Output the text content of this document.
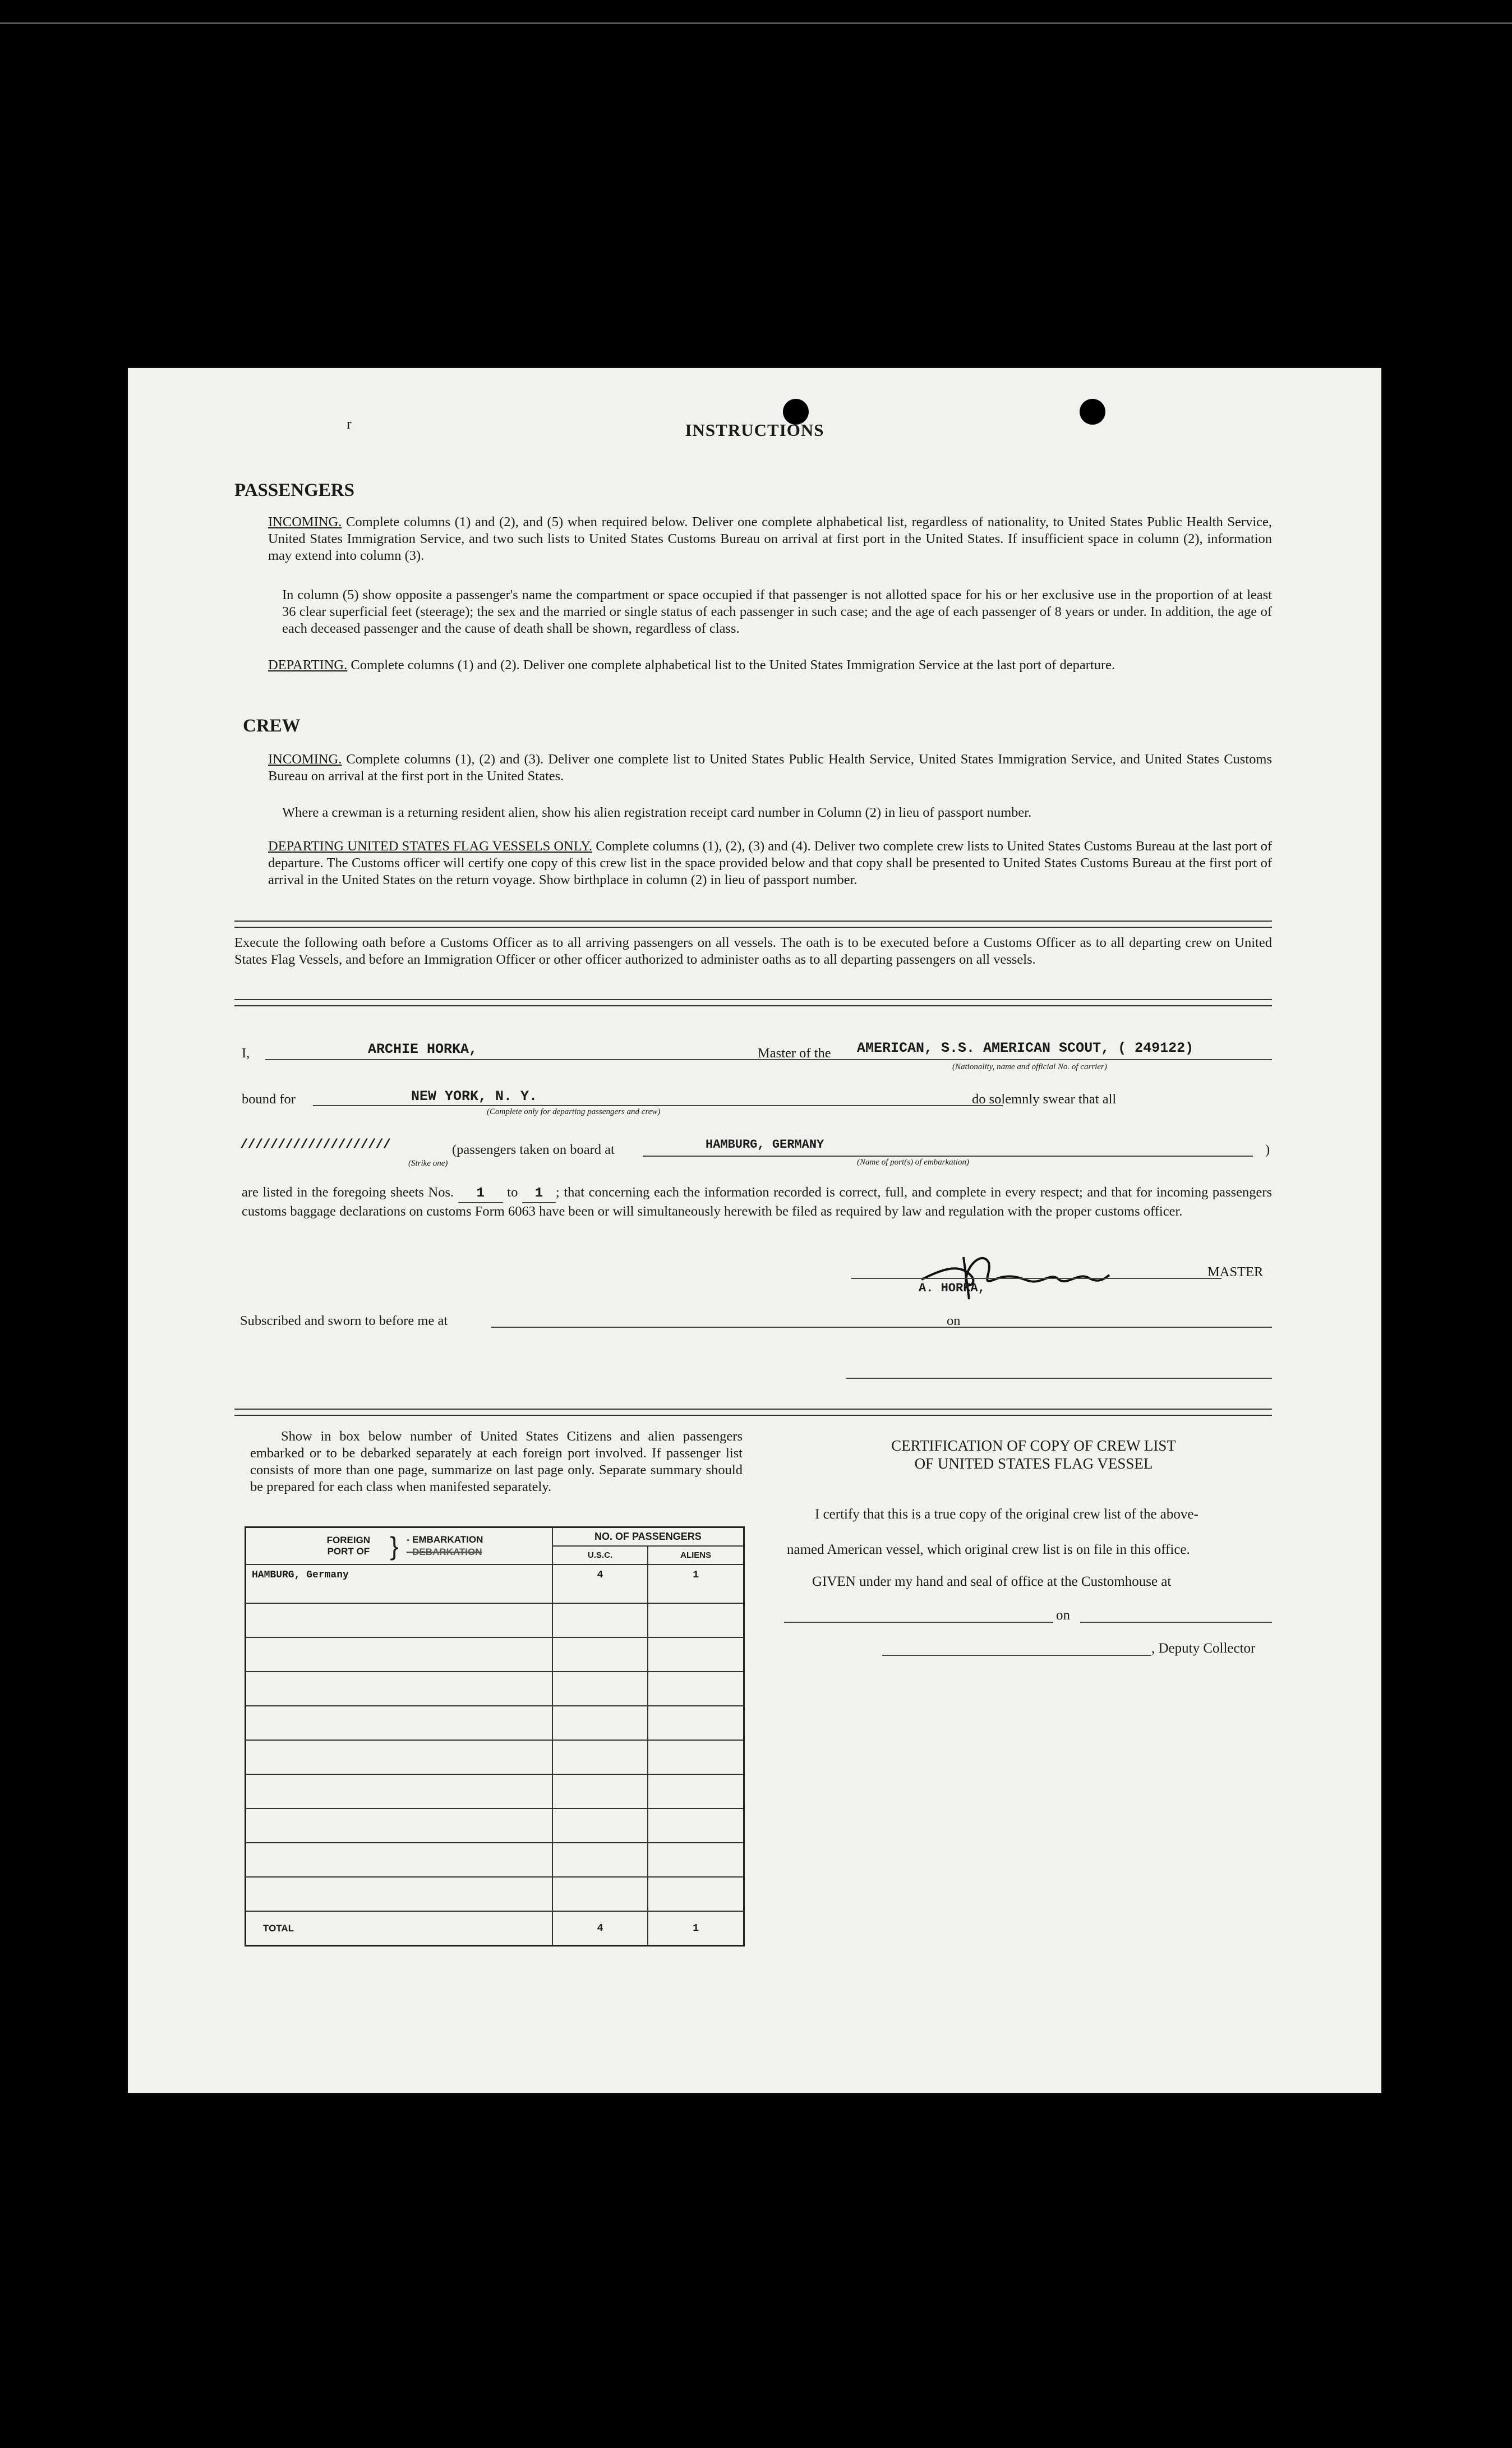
r	INSTRUCTIONS
PASSENGERS
INCOMING. Complete columns (1) and (2), and (5) when required below. Deliver one complete alphabetical list, regardless of nationality, to United States Public Health Service, United States Immigration Service, and two such lists to United States Customs Bureau on arrival at first port in the United States. If insufficient space in column (2), information may extend into column (3).
In column (5) show opposite a passenger's name the compartment or space occupied if that passenger is not allotted space for his or her exclusive use in the proportion of at least 36 clear superficial feet (steerage); the sex and the married or single status of each passenger in such case; and the age of each passenger of 8 years or under. In addition, the age of each deceased passenger and the cause of death shall be shown, regardless of class.
DEPARTING. Complete columns (1) and (2). Deliver one complete alphabetical list to the United States Immigration Service at the last port of departure.
CREW
INCOMING. Complete columns (1), (2) and (3). Deliver one complete list to United States Public Health Service, United States Immigration Service, and United States Customs Bureau on arrival at the first port in the United States.
Where a crewman is a returning resident alien, show his alien registration receipt card number in Column (2) in lieu of passport number.
DEPARTING UNITED STATES FLAG VESSELS ONLY. Complete columns (1), (2), (3) and (4). Deliver two complete crew lists to United States Customs Bureau at the last port of departure. The Customs officer will certify one copy of this crew list in the space provided below and that copy shall be presented to United States Customs Bureau at the first port of arrival in the United States on the return voyage. Show birthplace in column (2) in lieu of passport number.
Execute the following oath before a Customs Officer as to all arriving passengers on all vessels. The oath is to be executed before a Customs Officer as to all departing crew on United States Flag Vessels, and before an Immigration Officer or other officer authorized to administer oaths as to all departing passengers on all vessels.
I,	ARCHIE HORKA,	Master of the AMERICAN, S.S. AMERICAN SCOUT, ( 249122)
(Nationality, name and official No. of carrier)
bound for	NEW YORK, N. Y.
(Complete only for departing passengers and crew)
do solemnly swear that all
////////////////////
(Strike one)
(passengers taken on board at	HAMBURG, GERMANY
(Name of port(s) of embarkation)
)
are listed in the foregoing sheets Nos. 1 to 1 ; that concerning each the information recorded is correct, full, and complete in every respect; and that for incoming passengers customs baggage declarations on customs Form 6063 have been or will simultaneously herewith be filed as required by law and regulation with the proper customs officer.
A. HORKA,
MASTER
Subscribed and sworn to before me at	on
Show in box below number of United States Citizens and alien passengers embarked or to be debarked separately at each foreign port involved. If passenger list consists of more than one page, summarize on last page only. Separate summary should be prepared for each class when manifested separately.
FOREIGN PORT OF } - EMBARKATION
- DEBARKATION	NO. OF PASSENGERS	
	U.S.C.	ALIENS
HAMBURG, Germany	4	1

TOTAL	4	1
CERTIFICATION OF COPY OF CREW LIST
OF UNITED STATES FLAG VESSEL
I certify that this is a true copy of the original crew list of the above-
named American vessel, which original crew list is on file in this office.
GIVEN under my hand and seal of office at the Customhouse at
on
, Deputy Collector
